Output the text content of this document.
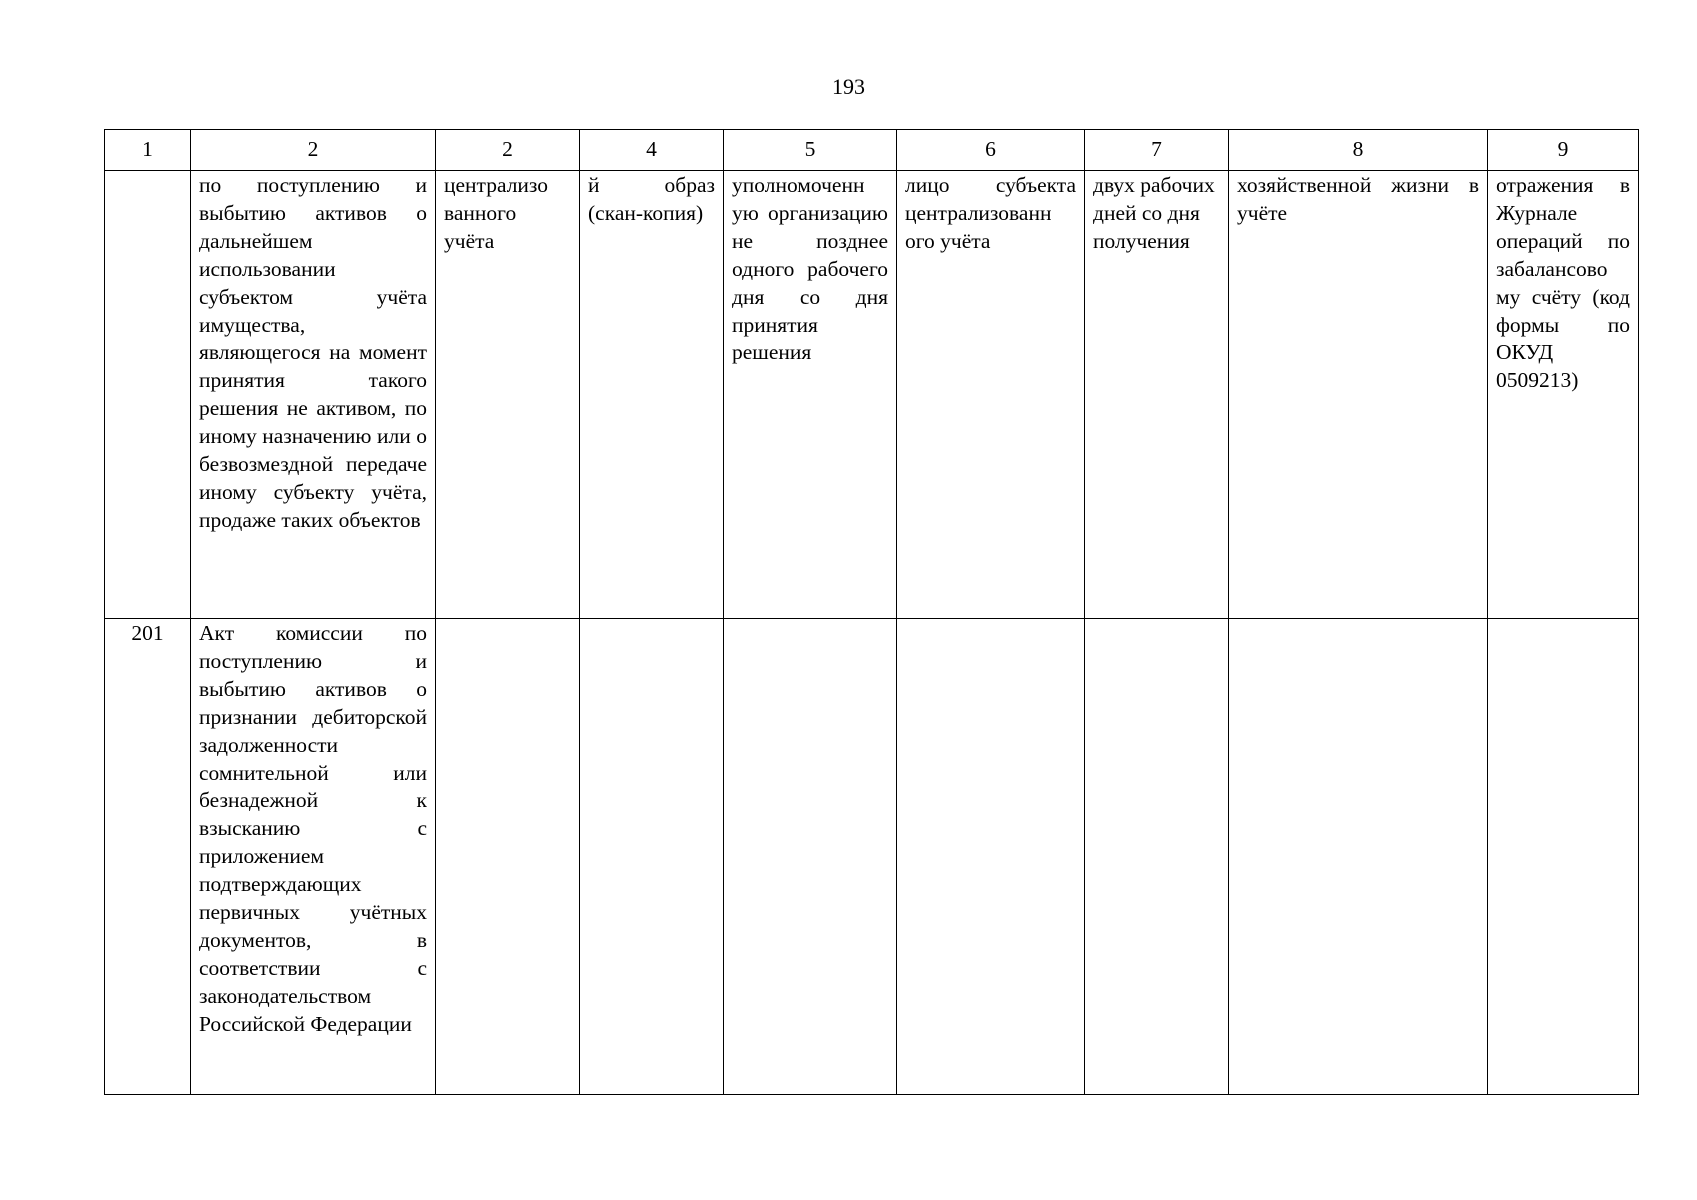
193
1	2	2	4	5	6	7	8	9
	по поступлению и выбытию активов о дальнейшем использовании субъектом учёта имущества, являющегося на момент принятия такого решения не активом, по иному назначению или о безвозмездной передаче иному субъекту учёта, продаже таких объектов	централизо ванного учёта	й образ (скан-копия)	уполномоченн ую организацию не позднее одного рабочего дня со дня принятия решения	лицо субъекта централизованн ого учёта	двух рабочих дней со дня получения	хозяйственной жизни в учёте	отражения в Журнале операций по забалансово му счёту (код формы по ОКУД 0509213)
201	Акт комиссии по поступлению и выбытию активов о признании дебиторской задолженности сомнительной или безнадежной к взысканию с приложением подтверждающих первичных учётных документов, в соответствии с законодательством Российской Федерации							
